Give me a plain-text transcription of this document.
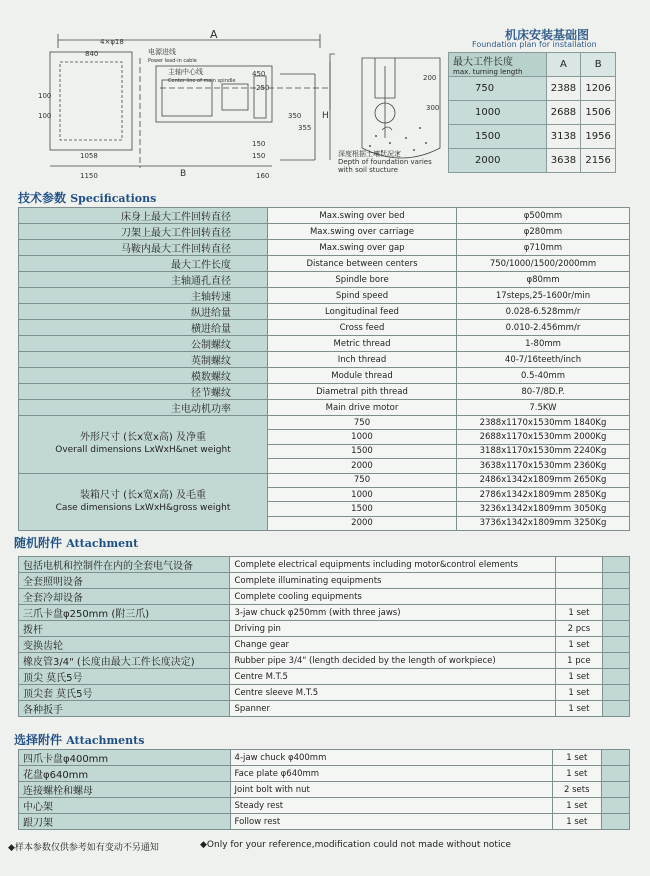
A
B
H
电源进线
Power lead-in cable
主轴中心线
Center line of main spindle
840
450
250
200
300
1058
1150	160
350
355
4×φ18
100
100
150
150	深度根据土壤状况定
Depth of foundation varies
with soil stucture
机床安装基础图
Foundation plan for installation
最大工件长度
max. turning length	A	B
750	2388	1206
1000	2688	1506
1500	3138	1956
2000	3638	2156
技术参数 Specifications
床身上最大工件回转直径	Max.swing over bed	φ500mm
刀架上最大工件回转直径	Max.swing over carriage	φ280mm
马鞍内最大工件回转直径	Max.swing over gap	φ710mm
最大工件长度	Distance between centers	750/1000/1500/2000mm
主轴通孔直径	Spindle bore	φ80mm
主轴转速	Spind speed	17steps,25-1600r/min
纵进给量	Longitudinal feed	0.028-6.528mm/r
横进给量	Cross feed	0.010-2.456mm/r
公制螺纹	Metric thread	1-80mm
英制螺纹	Inch thread	40-7/16teeth/inch
模数螺纹	Module thread	0.5-40mm
径节螺纹	Diametral pith thread	80-7/8D.P.
主电动机功率	Main drive motor	7.5KW

外形尺寸 (长x宽x高) 及净重
Overall dimensions LxWxH&net weight	750	2388x1170x1530mm 1840Kg
	1000	2688x1170x1530mm 2000Kg
	1500	3188x1170x1530mm 2240Kg
	2000	3638x1170x1530mm 2360Kg

装箱尺寸 (长x宽x高) 及毛重
Case dimensions LxWxH&gross weight	750	2486x1342x1809mm 2650Kg
	1000	2786x1342x1809mm 2850Kg
	1500	3236x1342x1809mm 3050Kg
	2000	3736x1342x1809mm 3250Kg
随机附件 Attachment
包括电机和控制件在内的全套电气设备	Complete electrical equipments including motor&control elements		
全套照明设备	Complete illuminating equipments		
全套冷却设备	Complete cooling equipments		
三爪卡盘φ250mm (附三爪)	3-jaw chuck φ250mm (with three jaws)	1 set	
拨杆	Driving pin	2 pcs	
变换齿轮	Change gear	1 set	
橡皮管3/4" (长度由最大工件长度决定)	Rubber pipe 3/4" (length decided by the length of workpiece)	1 pce	
顶尖 莫氏5号	Centre M.T.5	1 set	
顶尖套 莫氏5号	Centre sleeve M.T.5	1 set	
各种扳手	Spanner	1 set	
选择附件 Attachments
四爪卡盘φ400mm	4-jaw chuck φ400mm	1 set	
花盘φ640mm	Face plate φ640mm	1 set	
连接螺栓和螺母	Joint bolt with nut	2 sets	
中心架	Steady rest	1 set	
跟刀架	Follow rest	1 set	
◆样本参数仅供参考如有变动不另通知	◆Only for your reference,modification could not made without notice
